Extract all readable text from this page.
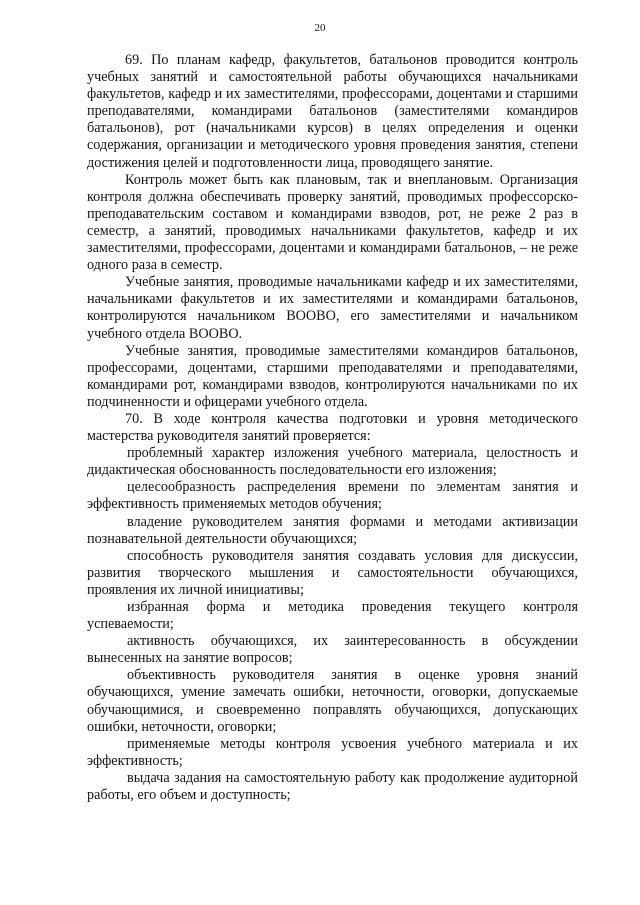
20

69. По планам кафедр, факультетов, батальонов проводится контроль учебных занятий и самостоятельной работы обучающихся начальниками факультетов, кафедр и их заместителями, профессорами, доцентами и старшими преподавателями, командирами батальонов (заместителями командиров батальонов), рот (начальниками курсов) в целях определения и оценки содержания, организации и методического уровня проведения занятия, степени достижения целей и подготовленности лица, проводящего занятие.

Контроль может быть как плановым, так и внеплановым. Организация контроля должна обеспечивать проверку занятий, проводимых профессорско-преподавательским составом и командирами взводов, рот, не реже 2 раз в семестр, а занятий, проводимых начальниками факультетов, кафедр и их заместителями, профессорами, доцентами и командирами батальонов, – не реже одного раза в семестр.

Учебные занятия, проводимые начальниками кафедр и их заместителями, начальниками факультетов и их заместителями и командирами батальонов, контролируются начальником ВООВО, его заместителями и начальником учебного отдела ВООВО.

Учебные занятия, проводимые заместителями командиров батальонов, профессорами, доцентами, старшими преподавателями и преподавателями, командирами рот, командирами взводов, контролируются начальниками по их подчиненности и офицерами учебного отдела.

70. В ходе контроля качества подготовки и уровня методического мастерства руководителя занятий проверяется:

проблемный характер изложения учебного материала, целостность и дидактическая обоснованность последовательности его изложения;

целесообразность распределения времени по элементам занятия и эффективность применяемых методов обучения;

владение руководителем занятия формами и методами активизации познавательной деятельности обучающихся;

способность руководителя занятия создавать условия для дискуссии, развития творческого мышления и самостоятельности обучающихся, проявления их личной инициативы;

избранная форма и методика проведения текущего контроля успеваемости;

активность обучающихся, их заинтересованность в обсуждении вынесенных на занятие вопросов;

объективность руководителя занятия в оценке уровня знаний обучающихся, умение замечать ошибки, неточности, оговорки, допускаемые обучающимися, и своевременно поправлять обучающихся, допускающих ошибки, неточности, оговорки;

применяемые методы контроля усвоения учебного материала и их эффективность;

выдача задания на самостоятельную работу как продолжение аудиторной работы, его объем и доступность;
